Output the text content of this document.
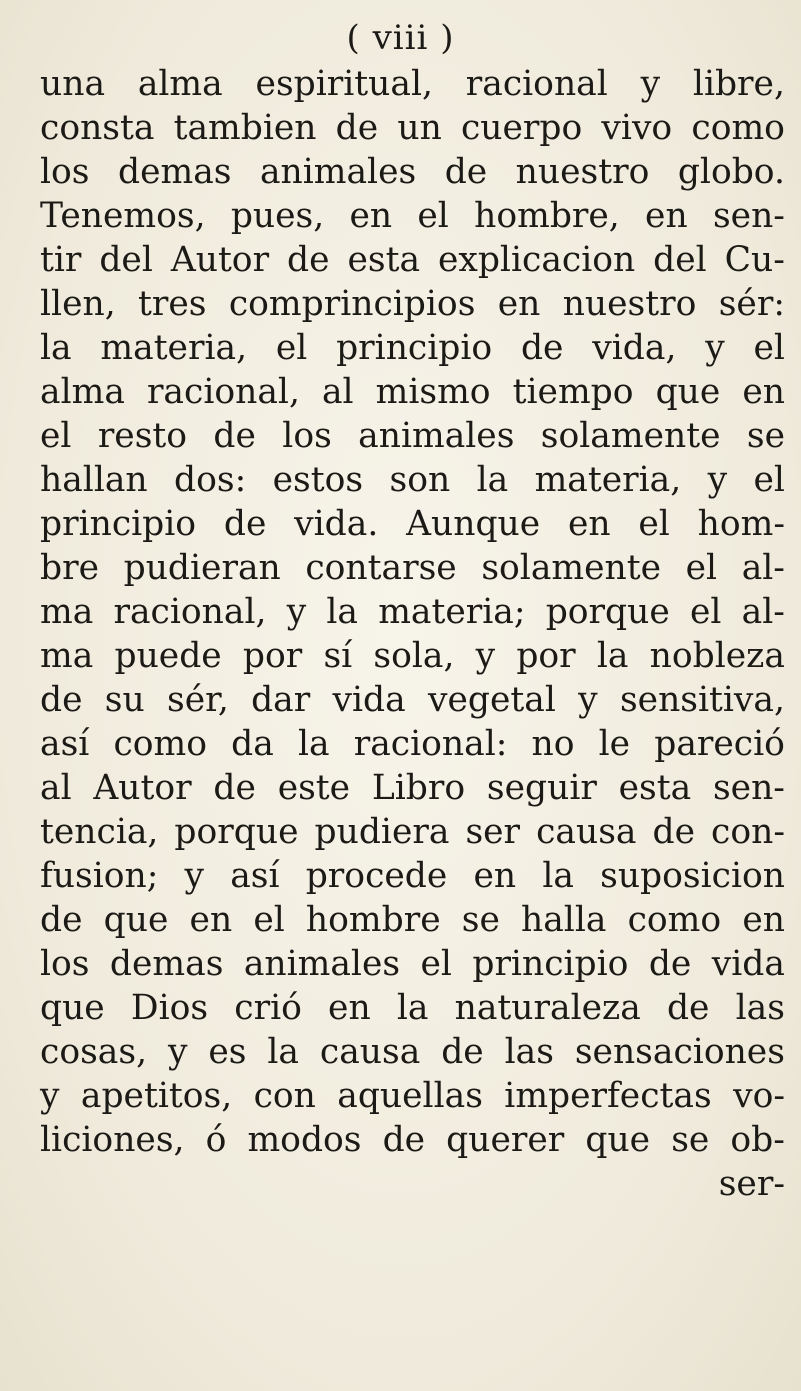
( viii )
una alma espiritual, racional y libre,
consta tambien de un cuerpo vivo como
los demas animales de nuestro globo.
Tenemos, pues, en el hombre, en sen-
tir del Autor de esta explicacion del Cu-
llen, tres comprincipios en nuestro sér:
la materia, el principio de vida, y el
alma racional, al mismo tiempo que en
el resto de los animales solamente se
hallan dos: estos son la materia, y el
principio de vida. Aunque en el hom-
bre pudieran contarse solamente el al-
ma racional, y la materia; porque el al-
ma puede por sí sola, y por la nobleza
de su sér, dar vida vegetal y sensitiva,
así como da la racional: no le pareció
al Autor de este Libro seguir esta sen-
tencia, porque pudiera ser causa de con-
fusion; y así procede en la suposicion
de que en el hombre se halla como en
los demas animales el principio de vida
que Dios crió en la naturaleza de las
cosas, y es la causa de las sensaciones
y apetitos, con aquellas imperfectas vo-
liciones, ó modos de querer que se ob-
ser-
